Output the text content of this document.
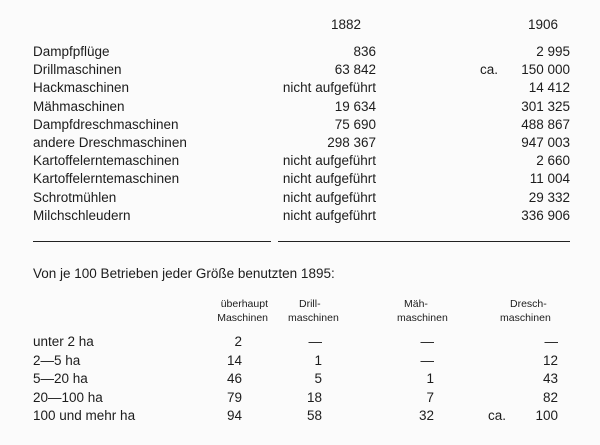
1882	1906
Dampfpflüge	836	2 995
Drillmaschinen	63 842	ca.	150 000
Hackmaschinen	nicht aufgeführt	14 412
Mähmaschinen	19 634	301 325
Dampfdreschmaschinen	75 690	488 867
andere Dreschmaschinen	298 367	947 003
Kartoffelerntemaschinen	nicht aufgeführt	2 660
Kartoffelerntemaschinen	nicht aufgeführt	11 004
Schrotmühlen	nicht aufgeführt	29 332
Milchschleudern	nicht aufgeführt	336 906
Von je 100 Betrieben jeder Größe benutzten 1895:
überhaupt
Maschinen
Drill-
maschinen
Mäh-
maschinen
Dresch-
maschinen
unter 2 ha	2	—	—	—
2—5 ha	14	1	—	12
5—20 ha	46	5	1	43
20—100 ha	79	18	7	82
100 und mehr ha	94	58	32	ca.	100
